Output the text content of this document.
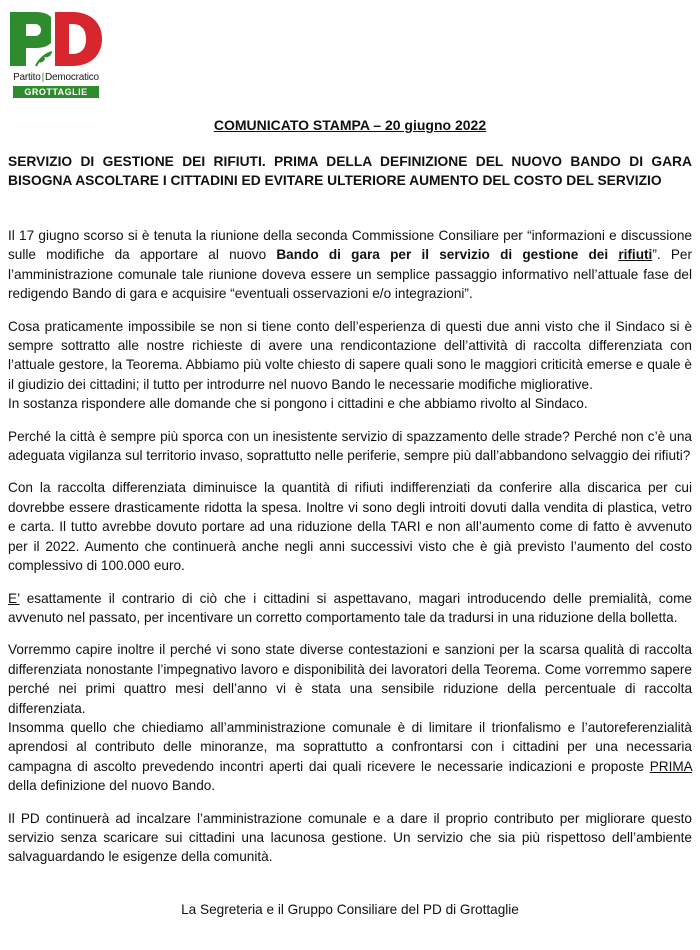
Partito|Democratico
GROTTAGLIE
COMUNICATO STAMPA – 20 giugno 2022
SERVIZIO DI GESTIONE DEI RIFIUTI. PRIMA DELLA DEFINIZIONE DEL NUOVO BANDO DI GARA BISOGNA ASCOLTARE I CITTADINI ED EVITARE ULTERIORE AUMENTO DEL COSTO DEL SERVIZIO

Il 17 giugno scorso si è tenuta la riunione della seconda Commissione Consiliare per “informazioni e discussione sulle modifiche da apportare al nuovo Bando di gara per il servizio di gestione dei rifiuti”. Per l’amministrazione comunale tale riunione doveva essere un semplice passaggio informativo nell’attuale fase del redigendo Bando di gara e acquisire “eventuali osservazioni e/o integrazioni”.

Cosa praticamente impossibile se non si tiene conto dell’esperienza di questi due anni visto che il Sindaco si è sempre sottratto alle nostre richieste di avere una rendicontazione dell’attività di raccolta differenziata con l’attuale gestore, la Teorema. Abbiamo più volte chiesto di sapere quali sono le maggiori criticità emerse e quale è il giudizio dei cittadini; il tutto per introdurre nel nuovo Bando le necessarie modifiche migliorative.

In sostanza rispondere alle domande che si pongono i cittadini e che abbiamo rivolto al Sindaco.

Perché la città è sempre più sporca con un inesistente servizio di spazzamento delle strade? Perché non c’è una adeguata vigilanza sul territorio invaso, soprattutto nelle periferie, sempre più dall’abbandono selvaggio dei rifiuti?

Con la raccolta differenziata diminuisce la quantità di rifiuti indifferenziati da conferire alla discarica per cui dovrebbe essere drasticamente ridotta la spesa. Inoltre vi sono degli introiti dovuti dalla vendita di plastica, vetro e carta. Il tutto avrebbe dovuto portare ad una riduzione della TARI e non all’aumento come di fatto è avvenuto per il 2022. Aumento che continuerà anche negli anni successivi visto che è già previsto l’aumento del costo complessivo di 100.000 euro.

E’ esattamente il contrario di ciò che i cittadini si aspettavano, magari introducendo delle premialità, come avvenuto nel passato, per incentivare un corretto comportamento tale da tradursi in una riduzione della bolletta.

Vorremmo capire inoltre il perché vi sono state diverse contestazioni e sanzioni per la scarsa qualità di raccolta differenziata nonostante l’impegnativo lavoro e disponibilità dei lavoratori della Teorema. Come vorremmo sapere perché nei primi quattro mesi dell’anno vi è stata una sensibile riduzione della percentuale di raccolta differenziata.

Insomma quello che chiediamo all’amministrazione comunale è di limitare il trionfalismo e l’autoreferenzialità aprendosi al contributo delle minoranze, ma soprattutto a confrontarsi con i cittadini per una necessaria campagna di ascolto prevedendo incontri aperti dai quali ricevere le necessarie indicazioni e proposte PRIMA della definizione del nuovo Bando.

Il PD continuerà ad incalzare l’amministrazione comunale e a dare il proprio contributo per migliorare questo servizio senza scaricare sui cittadini una lacunosa gestione. Un servizio che sia più rispettoso dell’ambiente salvaguardando le esigenze della comunità.

La Segreteria e il Gruppo Consiliare del PD di Grottaglie
